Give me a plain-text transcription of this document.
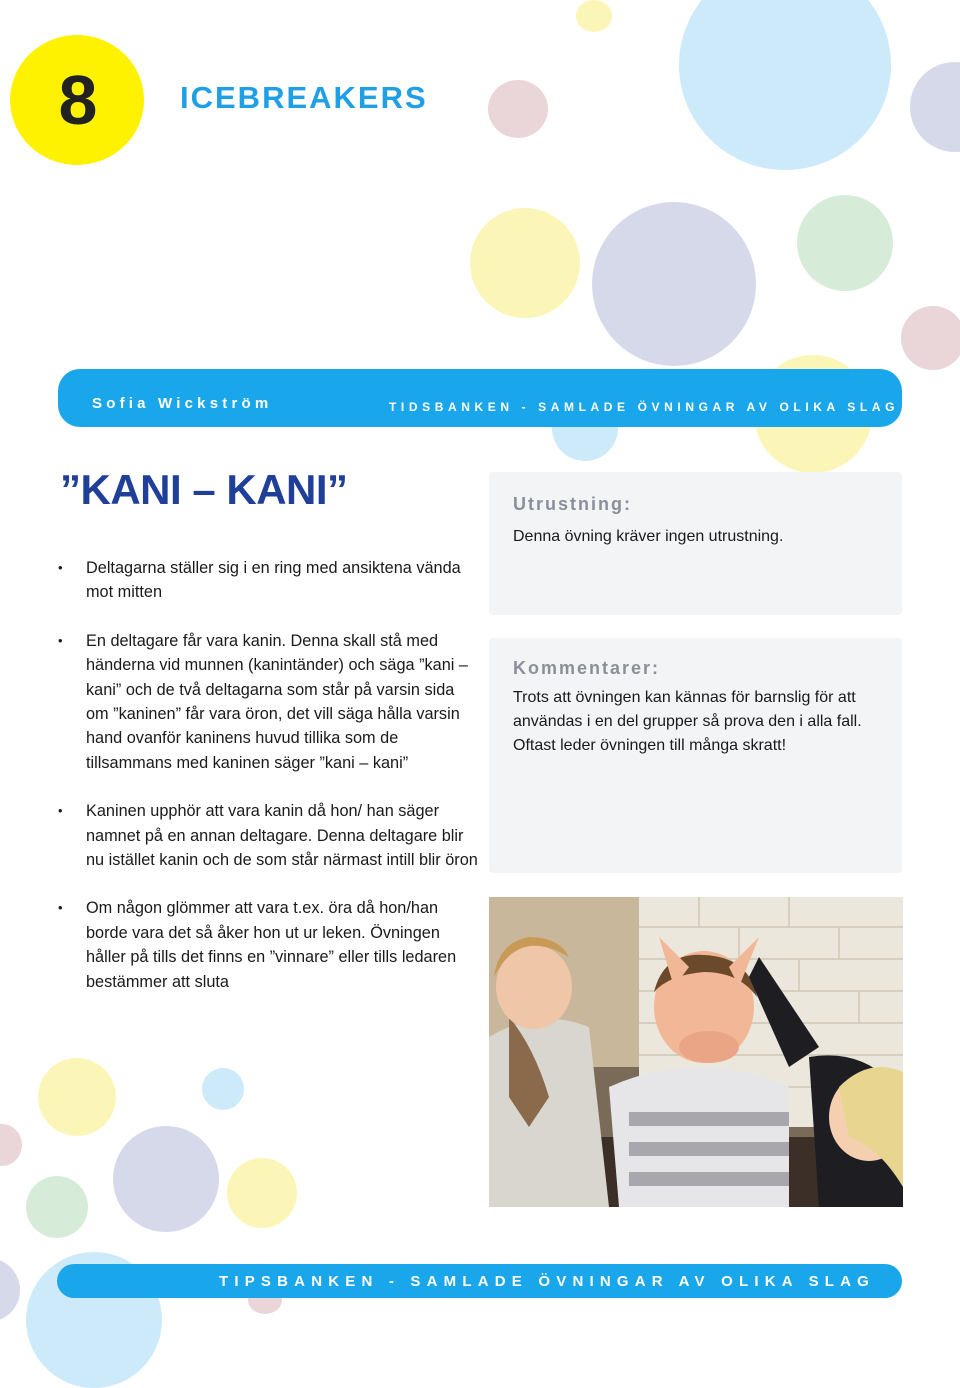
8	ICEBREAKERS
Sofia Wickström	TIDSBANKEN - SAMLADE ÖVNINGAR AV OLIKA SLAG
”KANI – KANI”
• Deltagarna ställer sig i en ring med ansiktena vända mot mitten
• En deltagare får vara kanin. Denna skall stå med händerna vid munnen (kanintänder) och säga ”kani – kani” och de två deltagarna som står på varsin sida om ”kaninen” får vara öron, det vill säga hålla varsin hand ovanför kaninens huvud tillika som de tillsammans med kaninen säger ”kani – kani”
• Kaninen upphör att vara kanin då hon/ han säger namnet på en annan deltagare. Denna deltagare blir nu istället kanin och de som står närmast intill blir öron
• Om någon glömmer att vara t.ex. öra då hon/han borde vara det så åker hon ut ur leken. Övningen håller på tills det finns en ”vinnare” eller tills ledaren bestämmer att sluta
Utrustning:
Denna övning kräver ingen utrustning.
Kommentarer:
Trots att övningen kan kännas för barnslig för att användas i en del grupper så prova den i alla fall. Oftast leder övningen till många skratt!
TIPSBANKEN - SAMLADE ÖVNINGAR AV OLIKA SLAG
